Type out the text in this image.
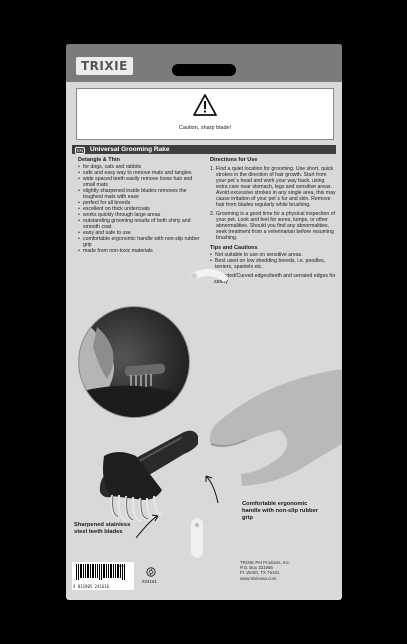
TRIXIE
Caution, sharp blade!
EN	Universal Grooming Rake
Detangle & Thin
• for dogs, cats and rabbits
• safe and easy way to remove mats and tangles
• wide spaced teeth easily remove loose hair and small mats
• slightly sharpened inside blades removes the toughest mats with ease
• perfect for all breeds
• excellent on thick undercoats
• works quickly through large areas
• outstanding grooming results of both shiny and smooth coat
• easy and safe to use
• comfortable ergonomic handle with non-slip rubber grip
• made from non-toxic materials
Directions for Use
1. Find a quiet location for grooming. Use short, quick strokes in the direction of hair growth. Start from your pet´s head and work your way back, using extra care near stomach, legs and sensitive areas. Avoid excessive strokes in any single area, this may cause irritation of your pet´s fur and skin. Remove hair from blades regularly while brushing.
2. Grooming is a good time for a physical inspection of your pet. Look and feel for sores, lumps, or other abnormalities. Should you find any abnormalities, seek treatment from a veterinarian before resuming brushing.
Tips and Cautions
• Not suitable to use on sensitive areas.
• Best used on low shedding breeds, i.e. poodles, terriers, spaniels etc.
Rounded/Curved edges/teeth and serrated edges for safety
Sharpened stainless steel teeth blades
Comfortable ergonomic handle with non-slip rubber grip
4 011905 241616
24161
#24161
TRIXIE Pet Products, Inc.
P.O. Box 321956
Ft. Worth, TX 76181
www.trixieusa.com
